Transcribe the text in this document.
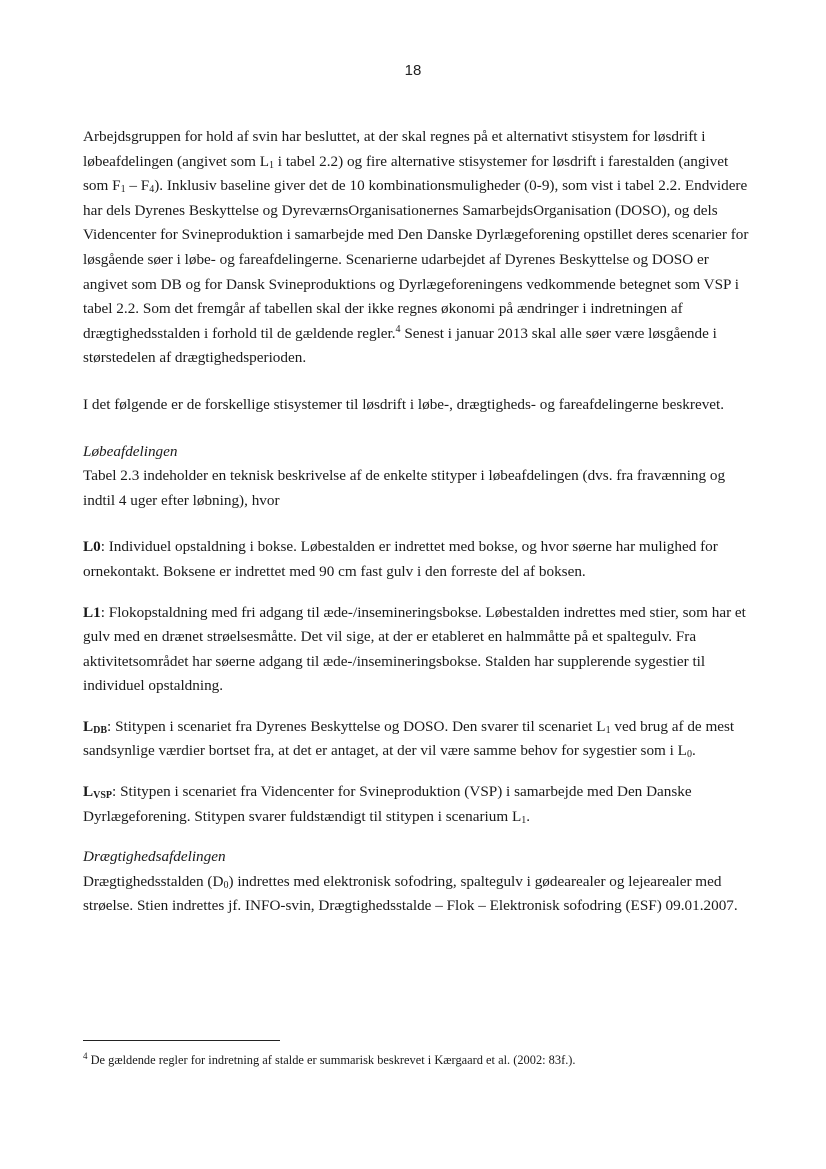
18

Arbejdsgruppen for hold af svin har besluttet, at der skal regnes på et alternativt stisystem for løsdrift i løbeafdelingen (angivet som $L_1$ i tabel 2.2) og fire alternative stisystemer for løsdrift i farestalden (angivet som $F_1 - F_4$). Inklusiv baseline giver det de 10 kombinationsmuligheder (0-9), som vist i tabel 2.2. Endvidere har dels Dyrenes Beskyttelse og DyreværnsOrganisationernes SamarbejdsOrganisation (DOSO), og dels Videncenter for Svineproduktion i samarbejde med Den Danske Dyrlægeforening opstillet deres scenarier for løsgående søer i løbe- og fareafdelingerne. Scenarierne udarbejdet af Dyrenes Beskyttelse og DOSO er angivet som DB og for Dansk Svineproduktions og Dyrlægeforeningens vedkommende betegnet som VSP i tabel 2.2. Som det fremgår af tabellen skal der ikke regnes økonomi på ændringer i indretningen af drægtighedsstalden i forhold til de gældende regler.$^4$ Senest i januar 2013 skal alle søer være løsgående i størstedelen af drægtighedsperioden.

I det følgende er de forskellige stisystemer til løsdrift i løbe-, drægtigheds- og fareafdelingerne beskrevet.

Løbeafdelingen

Tabel 2.3 indeholder en teknisk beskrivelse af de enkelte stityper i løbeafdelingen (dvs. fra fravænning og indtil 4 uger efter løbning), hvor

L0: Individuel opstaldning i bokse. Løbestalden er indrettet med bokse, og hvor søerne har mulighed for ornekontakt. Boksene er indrettet med 90 cm fast gulv i den forreste del af boksen.

L1: Flokopstaldning med fri adgang til æde-/insemineringsbokse. Løbestalden indrettes med stier, som har et gulv med en drænet strøelsesmåtte. Det vil sige, at der er etableret en halmmåtte på et spaltegulv. Fra aktivitetsområdet har søerne adgang til æde-/insemineringsbokse. Stalden har supplerende sygestier til individuel opstaldning.

$L_{DB}$: Stitypen i scenariet fra Dyrenes Beskyttelse og DOSO. Den svarer til scenariet $L_1$ ved brug af de mest sandsynlige værdier bortset fra, at det er antaget, at der vil være samme behov for sygestier som i $L_0$.

$L_{VSP}$: Stitypen i scenariet fra Videncenter for Svineproduktion (VSP) i samarbejde med Den Danske Dyrlægeforening. Stitypen svarer fuldstændigt til stitypen i scenarium $L_1$.

Drægtighedsafdelingen

Drægtighedsstalden $(D_0)$ indrettes med elektronisk sofodring, spaltegulv i gødearealer og lejearealer med strøelse. Stien indrettes jf. INFO-svin, Drægtighedsstalde – Flok – Elektronisk sofodring (ESF) 09.01.2007.

$^4$ De gældende regler for indretning af stalde er summarisk beskrevet i Kærgaard et al. (2002: 83f.).
